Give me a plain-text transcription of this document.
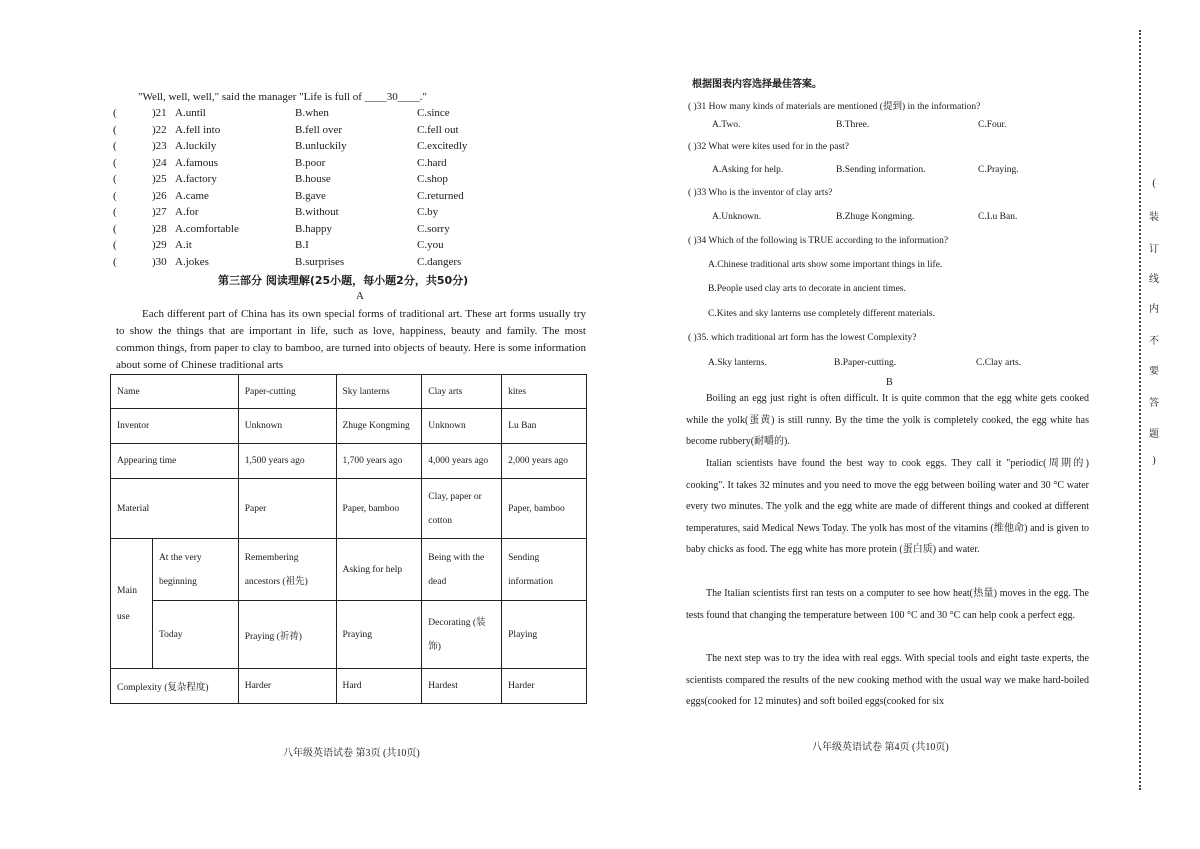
"Well, well, well," said the manager "Life is full of ____30____."
(	)21 A.until	B.when	C.since
(	)22 A.fell into	B.fell over	C.fell out
(	)23 A.luckily	B.unluckily	C.excitedly
(	)24 A.famous	B.poor	C.hard
(	)25 A.factory	B.house	C.shop
(	)26 A.came	B.gave	C.returned
(	)27 A.for	B.without	C.by
(	)28 A.comfortable	B.happy	C.sorry
(	)29 A.it	B.I	C.you
(	)30 A.jokes	B.surprises	C.dangers
第三部分 阅读理解(25小题，每小题2分，共50分)
A
Each different part of China has its own special forms of traditional art. These art forms usually try to show the things that are important in life, such as love, happiness, beauty and family. The most common things, from paper to clay to bamboo, are turned into objects of beauty. Here is some information about some of Chinese traditional arts
Name		Paper-cutting	Sky lanterns	Clay arts	kites
Inventor		Unknown	Zhuge Kongming	Unknown	Lu Ban
Appearing time		1,500 years ago	1,700 years ago	4,000 years ago	2,000 years ago
Material		Paper	Paper, bamboo	Clay, paper or cotton	Paper, bamboo

Main
use	At the very beginning	Remembering ancestors (祖先)	Asking for help	Being with the dead	Sending information
	Today	Praying (祈祷)	Praying	Decorating (装饰)	Playing
Complexity (复杂程度)		Harder	Hard	Hardest	Harder
八年级英语试卷 第3页 (共10页)
根据图表内容选择最佳答案。
( )31 How many kinds of materials are mentioned (提到) in the information?
A.Two.	B.Three.	C.Four.
( )32 What were kites used for in the past?
A.Asking for help.	B.Sending information.	C.Praying.
( )33 Who is the inventor of clay arts?
A.Unknown.	B.Zhuge Kongming.	C.Lu Ban.
( )34 Which of the following is TRUE according to the information?
A.Chinese traditional arts show some important things in life.
B.People used clay arts to decorate in ancient times.
C.Kites and sky lanterns use completely different materials.
( )35. which traditional art form has the lowest Complexity?
A.Sky lanterns.	B.Paper-cutting.	C.Clay arts.
B
Boiling an egg just right is often difficult. It is quite common that the egg white gets cooked while the yolk(蛋黄) is still runny. By the time the yolk is completely cooked, the egg white has become rubbery(耐嚼的).
Italian scientists have found the best way to cook eggs. They call it "periodic(周期的) cooking". It takes 32 minutes and you need to move the egg between boiling water and 30 °C water every two minutes. The yolk and the egg white are made of different things and cooked at different temperatures, said Medical News Today. The yolk has most of the vitamins (维他命) and is given to baby chicks as food. The egg white has more protein (蛋白质) and water.
The Italian scientists first ran tests on a computer to see how heat(热量) moves in the egg. The tests found that changing the temperature between 100 °C and 30 °C can help cook a perfect egg.
The next step was to try the idea with real eggs. With special tools and eight taste experts, the scientists compared the results of the new cooking method with the usual way we make hard-boiled eggs(cooked for 12 minutes) and soft boiled eggs(cooked for six
八年级英语试卷 第4页 (共10页)
(
装
订
线
内
不
要
答
题
)
